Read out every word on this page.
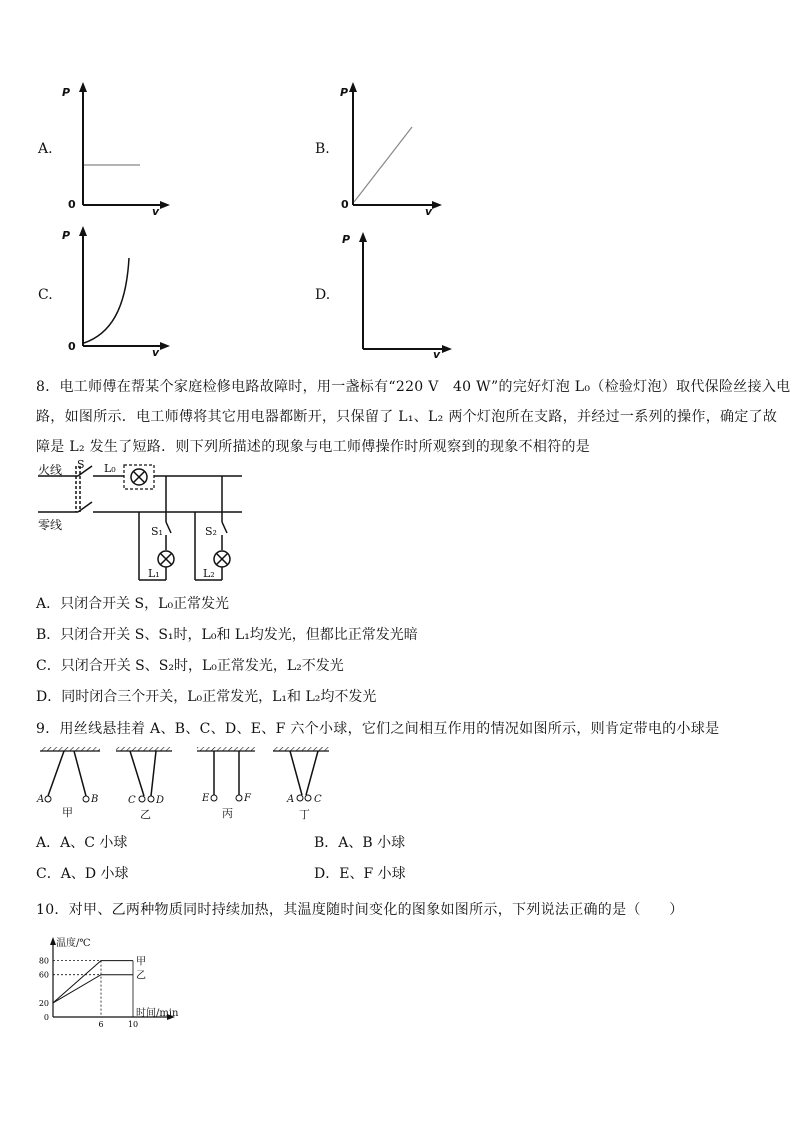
A.
P
v
0
B.
P
v
0
C.
P
v
0
D.
P
v
8．电工师傅在帮某个家庭检修电路故障时，用一盏标有“220 V　40 W”的完好灯泡 L₀（检验灯泡）取代保险丝接入电
路，如图所示．电工师傅将其它用电器都断开，只保留了 L₁、L₂ 两个灯泡所在支路，并经过一系列的操作，确定了故
障是 L₂ 发生了短路．则下列所描述的现象与电工师傅操作时所观察到的现象不相符的是
火线
零线
S L₀
S₁	S₂
L₁	L₂
A．只闭合开关 S，L₀正常发光
B．只闭合开关 S、S₁时，L₀和 L₁均发光，但都比正常发光暗
C．只闭合开关 S、S₂时，L₀正常发光，L₂不发光
D．同时闭合三个开关，L₀正常发光，L₁和 L₂均不发光
9．用丝线悬挂着 A、B、C、D、E、F 六个小球，它们之间相互作用的情况如图所示，则肯定带电的小球是
A	B
甲
C D
乙
E	F
丙
A C
丁
A．A、C 小球	B．A、B 小球
C．A、D 小球	D．E、F 小球
10．对甲、乙两种物质同时持续加热，其温度随时间变化的图象如图所示，下列说法正确的是（　　）
0
20
60
80
6	10
甲
乙
温度/℃
时间/min
